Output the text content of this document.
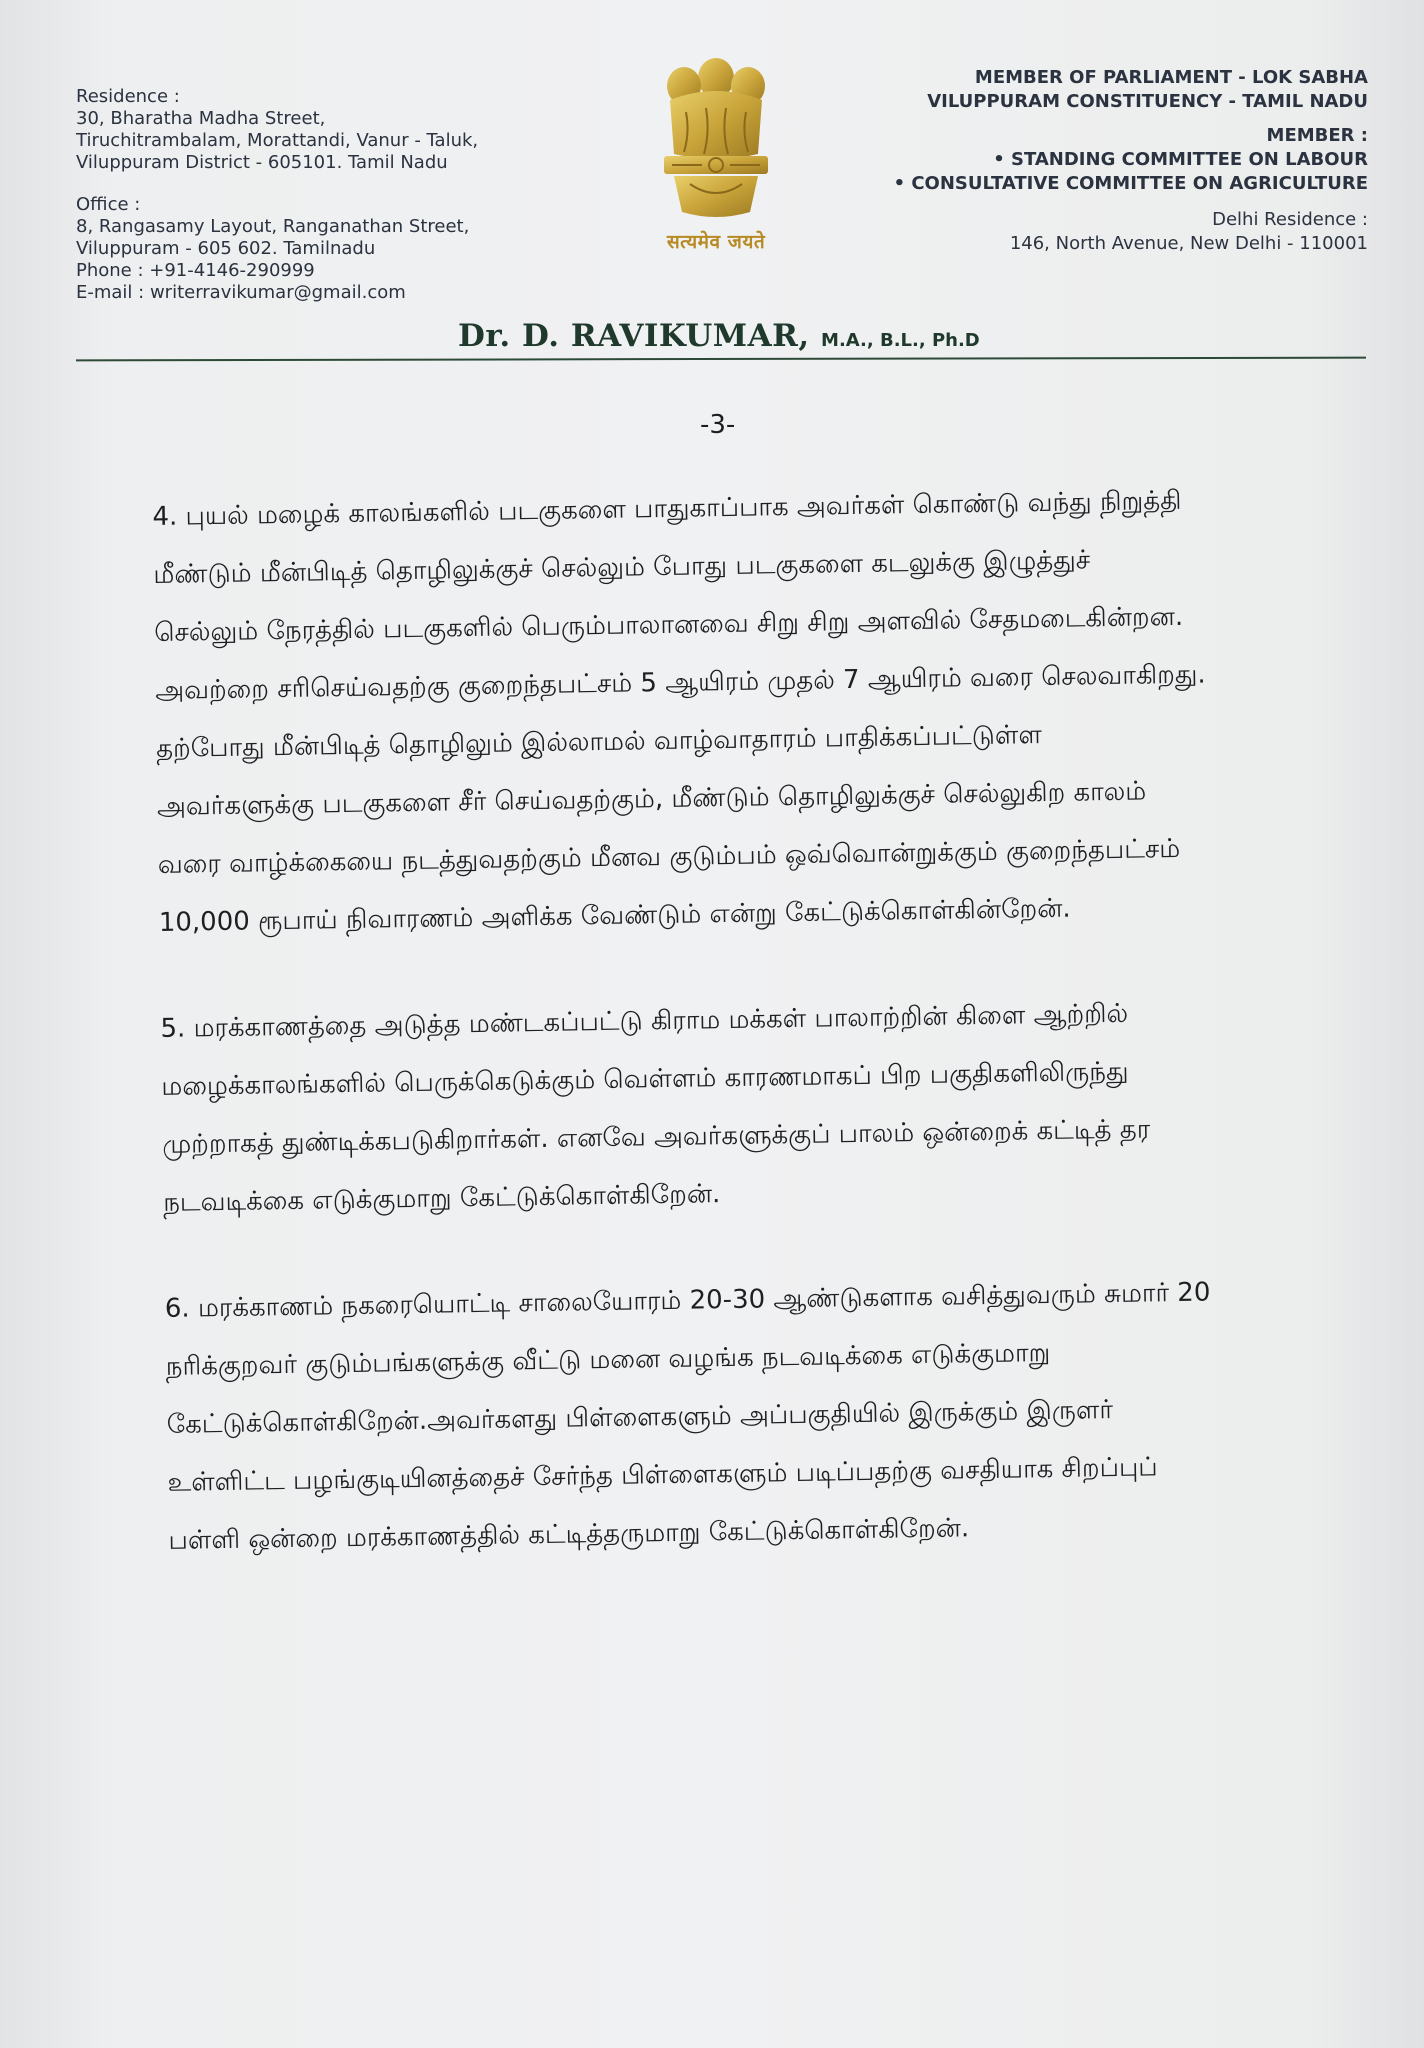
Residence :
30, Bharatha Madha Street,
Tiruchitrambalam, Morattandi, Vanur - Taluk,
Viluppuram District - 605101. Tamil Nadu
Office :
8, Rangasamy Layout, Ranganathan Street,
Viluppuram - 605 602. Tamilnadu
Phone : +91-4146-290999
E-mail : writerravikumar@gmail.com
सत्यमेव जयते
MEMBER OF PARLIAMENT - LOK SABHA
VILUPPURAM CONSTITUENCY - TAMIL NADU
MEMBER :
• STANDING COMMITTEE ON LABOUR
• CONSULTATIVE COMMITTEE ON AGRICULTURE
Delhi Residence :
146, North Avenue, New Delhi - 110001
Dr. D. RAVIKUMAR, M.A., B.L., Ph.D
-3-
4. புயல் மழைக் காலங்களில் படகுகளை பாதுகாப்பாக அவர்கள் கொண்டு வந்து நிறுத்தி
மீண்டும் மீன்பிடித் தொழிலுக்குச் செல்லும் போது படகுகளை கடலுக்கு இழுத்துச்
செல்லும் நேரத்தில் படகுகளில் பெரும்பாலானவை சிறு சிறு அளவில் சேதமடைகின்றன.
அவற்றை சரிசெய்வதற்கு குறைந்தபட்சம் 5 ஆயிரம் முதல் 7 ஆயிரம் வரை செலவாகிறது.
தற்போது மீன்பிடித் தொழிலும் இல்லாமல் வாழ்வாதாரம் பாதிக்கப்பட்டுள்ள
அவர்களுக்கு படகுகளை சீர் செய்வதற்கும், மீண்டும் தொழிலுக்குச் செல்லுகிற காலம்
வரை வாழ்க்கையை நடத்துவதற்கும் மீனவ குடும்பம் ஒவ்வொன்றுக்கும் குறைந்தபட்சம்
10,000 ரூபாய் நிவாரணம் அளிக்க வேண்டும் என்று கேட்டுக்கொள்கின்றேன்.
5. மரக்காணத்தை அடுத்த மண்டகப்பட்டு கிராம மக்கள் பாலாற்றின் கிளை ஆற்றில்
மழைக்காலங்களில் பெருக்கெடுக்கும் வெள்ளம் காரணமாகப் பிற பகுதிகளிலிருந்து
முற்றாகத் துண்டிக்கபடுகிறார்கள். எனவே அவர்களுக்குப் பாலம் ஒன்றைக் கட்டித் தர
நடவடிக்கை எடுக்குமாறு கேட்டுக்கொள்கிறேன்.
6. மரக்காணம் நகரையொட்டி சாலையோரம் 20-30 ஆண்டுகளாக வசித்துவரும் சுமார் 20
நரிக்குறவர் குடும்பங்களுக்கு வீட்டு மனை வழங்க நடவடிக்கை எடுக்குமாறு
கேட்டுக்கொள்கிறேன்.அவர்களது பிள்ளைகளும் அப்பகுதியில் இருக்கும் இருளர்
உள்ளிட்ட பழங்குடியினத்தைச் சேர்ந்த பிள்ளைகளும் படிப்பதற்கு வசதியாக சிறப்புப்
பள்ளி ஒன்றை மரக்காணத்தில் கட்டித்தருமாறு கேட்டுக்கொள்கிறேன்.
